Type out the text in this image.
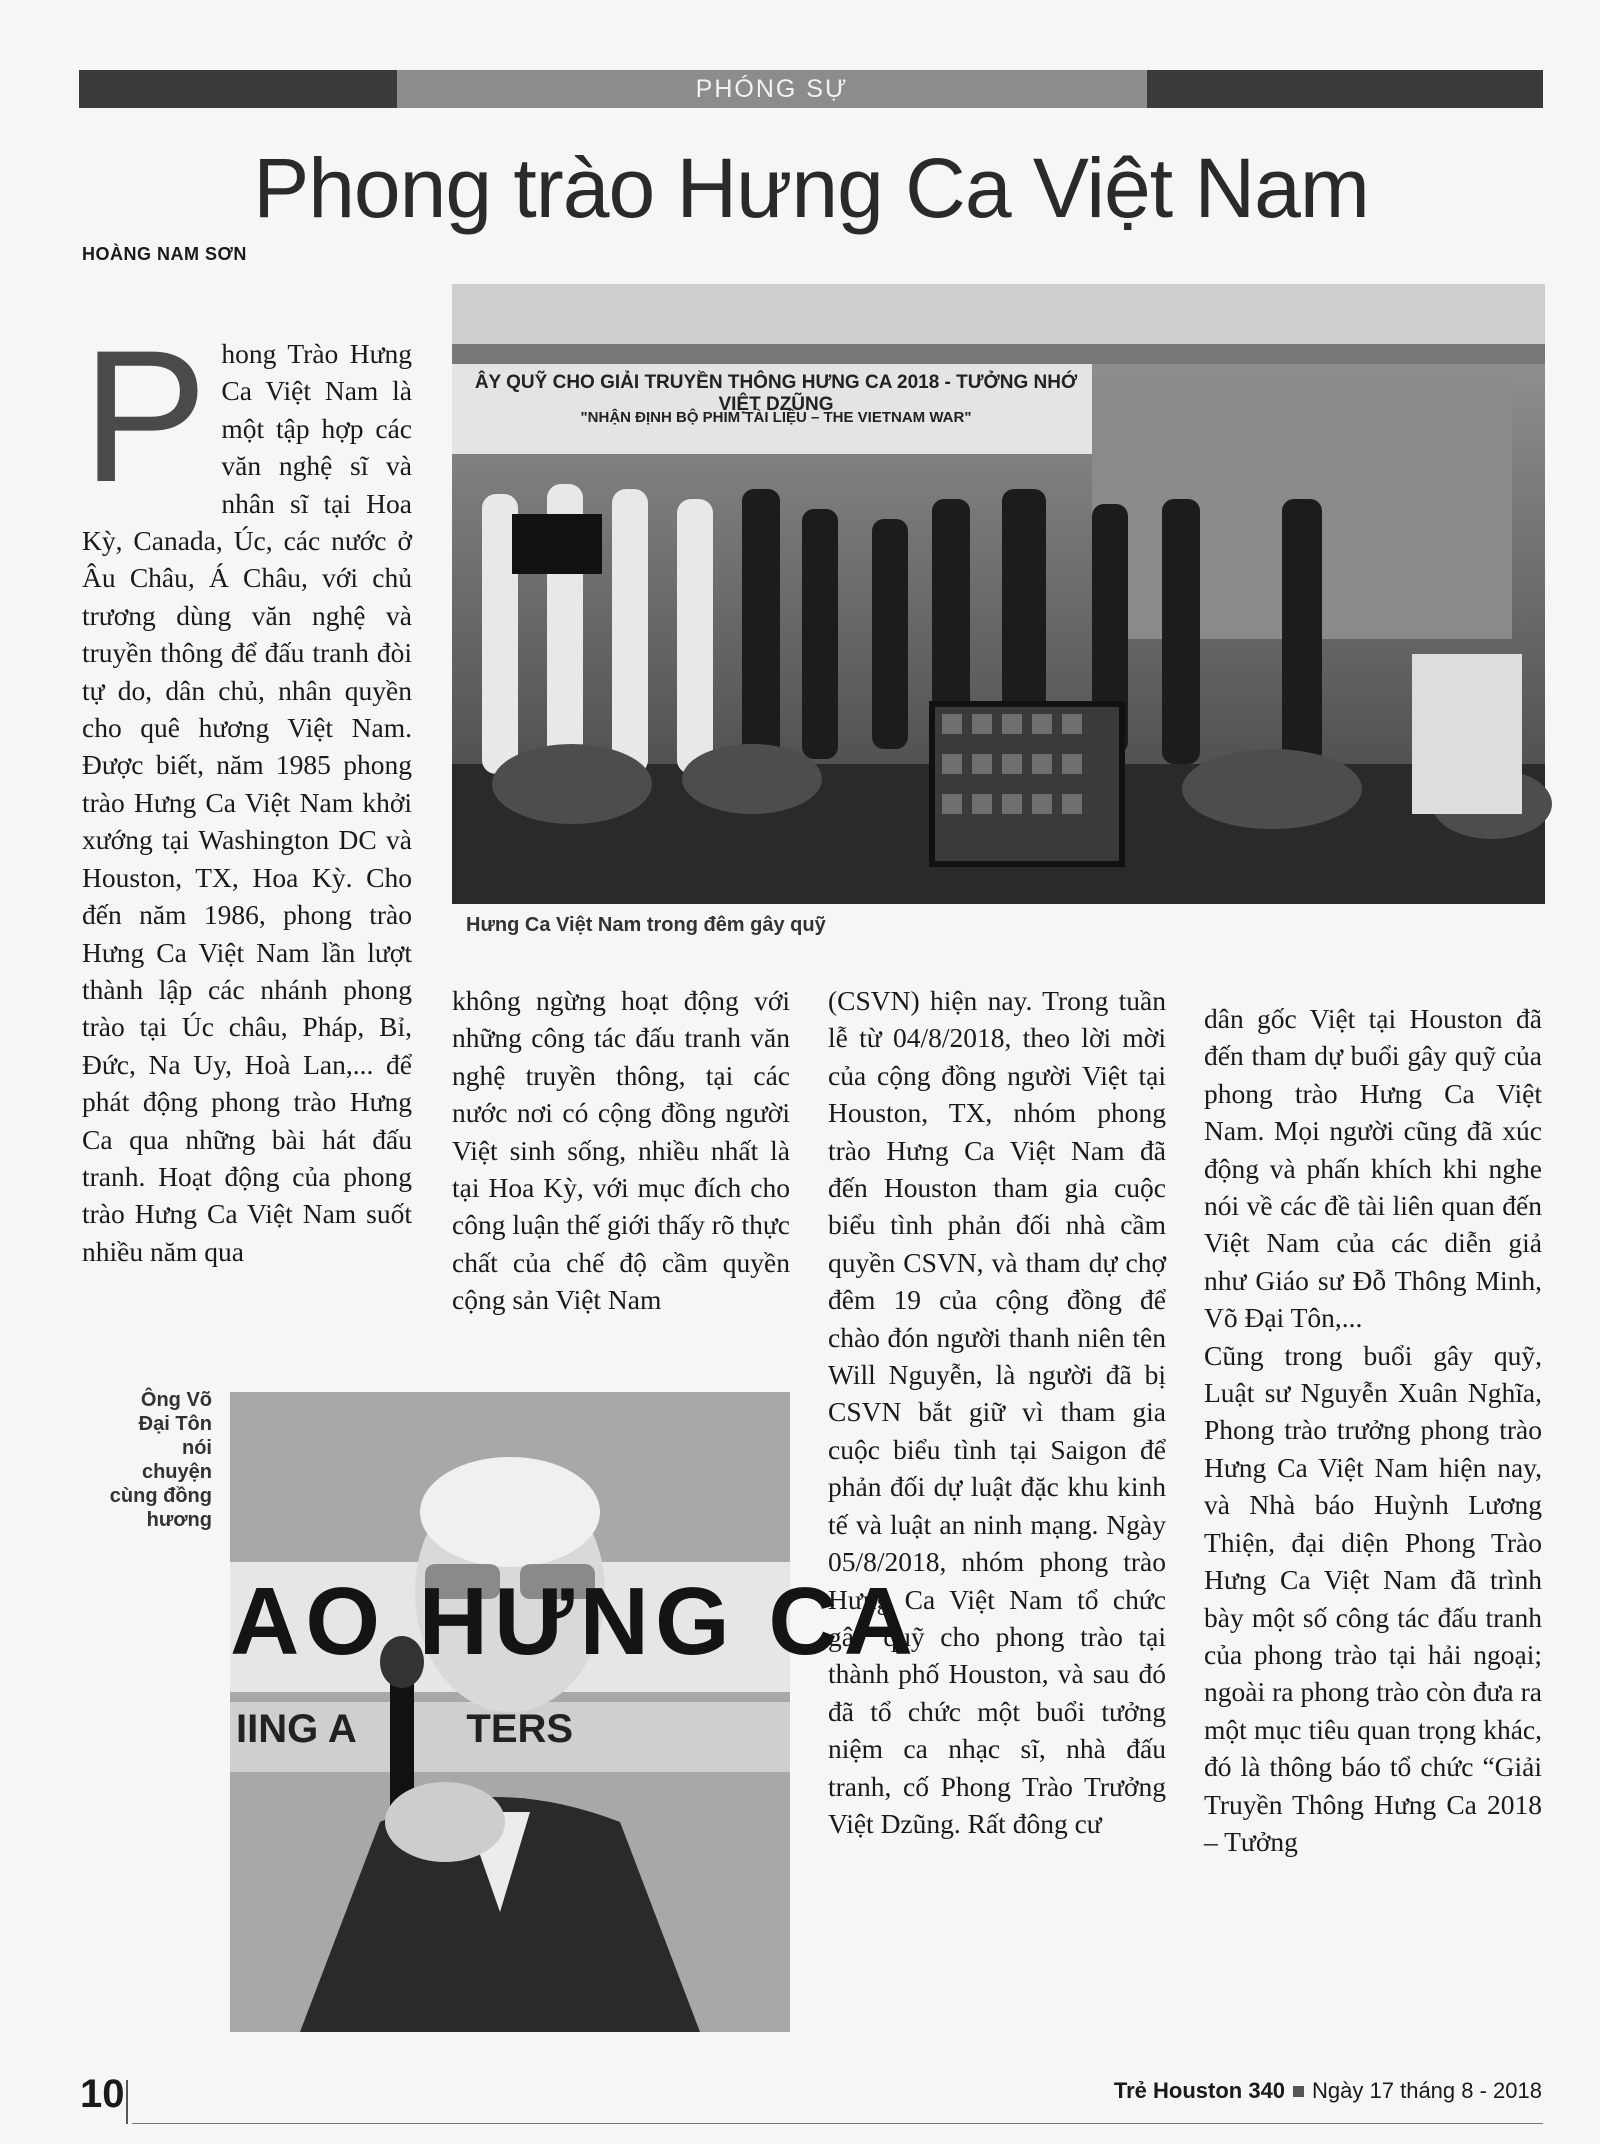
PHÓNG SỰ
Phong trào Hưng Ca Việt Nam
HOÀNG NAM SƠN
ÂY QUỸ CHO GIẢI TRUYỀN THÔNG HƯNG CA 2018 - TƯỞNG NHỚ VIỆT DZŨNG
"NHẬN ĐỊNH BỘ PHIM TÀI LIỆU – THE VIETNAM WAR"
Hưng Ca Việt Nam trong đêm gây quỹ
P hong Trào Hưng Ca Việt Nam là một tập hợp các văn nghệ sĩ và nhân sĩ tại Hoa Kỳ, Canada, Úc, các nước ở Âu Châu, Á Châu, với chủ trương dùng văn nghệ và truyền thông để đấu tranh đòi tự do, dân chủ, nhân quyền cho quê hương Việt Nam. Được biết, năm 1985 phong trào Hưng Ca Việt Nam khởi xướng tại Washington DC và Houston, TX, Hoa Kỳ. Cho đến năm 1986, phong trào Hưng Ca Việt Nam lần lượt thành lập các nhánh phong trào tại Úc châu, Pháp, Bỉ, Đức, Na Uy, Hoà Lan,... để phát động phong trào Hưng Ca qua những bài hát đấu tranh. Hoạt động của phong trào Hưng Ca Việt Nam suốt nhiều năm qua

không ngừng hoạt động với những công tác đấu tranh văn nghệ truyền thông, tại các nước nơi có cộng đồng người Việt sinh sống, nhiều nhất là tại Hoa Kỳ, với mục đích cho công luận thế giới thấy rõ thực chất của chế độ cầm quyền cộng sản Việt Nam

(CSVN) hiện nay. Trong tuần lễ từ 04/8/2018, theo lời mời của cộng đồng người Việt tại Houston, TX, nhóm phong trào Hưng Ca Việt Nam đã đến Houston tham gia cuộc biểu tình phản đối nhà cầm quyền CSVN, và tham dự chợ đêm 19 của cộng đồng để chào đón người thanh niên tên Will Nguyễn, là người đã bị CSVN bắt giữ vì tham gia cuộc biểu tình tại Saigon để phản đối dự luật đặc khu kinh tế và luật an ninh mạng. Ngày 05/8/2018, nhóm phong trào Hưng Ca Việt Nam tổ chức gây quỹ cho phong trào tại thành phố Houston, và sau đó đã tổ chức một buổi tưởng niệm ca nhạc sĩ, nhà đấu tranh, cố Phong Trào Trưởng Việt Dzũng. Rất đông cư

dân gốc Việt tại Houston đã đến tham dự buổi gây quỹ của phong trào Hưng Ca Việt Nam. Mọi người cũng đã xúc động và phấn khích khi nghe nói về các đề tài liên quan đến Việt Nam của các diễn giả như Giáo sư Đỗ Thông Minh, Võ Đại Tôn,...

Cũng trong buổi gây quỹ, Luật sư Nguyễn Xuân Nghĩa, Phong trào trưởng phong trào Hưng Ca Việt Nam hiện nay, và Nhà báo Huỳnh Lương Thiện, đại diện Phong Trào Hưng Ca Việt Nam đã trình bày một số công tác đấu tranh của phong trào tại hải ngoại; ngoài ra phong trào còn đưa ra một mục tiêu quan trọng khác, đó là thông báo tổ chức “Giải Truyền Thông Hưng Ca 2018 – Tưởng

AO HƯNG CA
IING A          TERS
Ông Võ Đại Tôn nói chuyện cùng đồng hương
10	Trẻ Houston 340 Ngày 17 tháng 8 - 2018
